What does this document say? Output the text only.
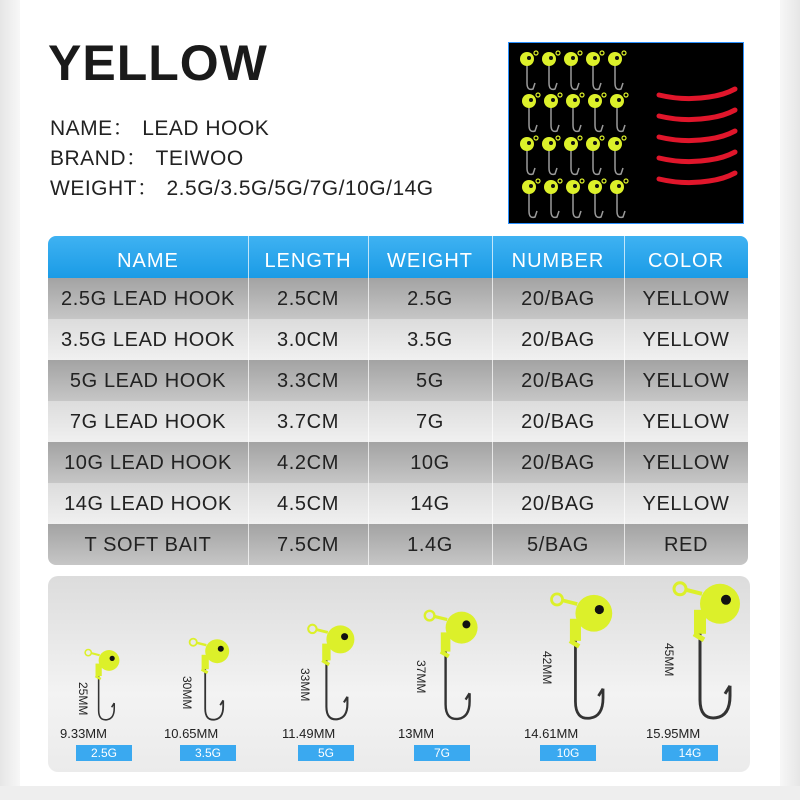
YELLOW
NAME： LEAD HOOK
BRAND： TEIWOO
WEIGHT： 2.5G/3.5G/5G/7G/10G/14G
NAME	LENGTH	WEIGHT	NUMBER	COLOR
2.5G LEAD HOOK	2.5CM	2.5G	20/BAG	YELLOW
3.5G LEAD HOOK	3.0CM	3.5G	20/BAG	YELLOW
5G LEAD HOOK	3.3CM	5G	20/BAG	YELLOW
7G LEAD HOOK	3.7CM	7G	20/BAG	YELLOW
10G LEAD HOOK	4.2CM	10G	20/BAG	YELLOW
14G LEAD HOOK	4.5CM	14G	20/BAG	YELLOW
T SOFT BAIT	7.5CM	1.4G	5/BAG	RED
25MM
9.33MM
2.5G
30MM
10.65MM
3.5G
33MM
11.49MM
5G
37MM
13MM
7G
42MM
14.61MM
10G
45MM
15.95MM
14G
